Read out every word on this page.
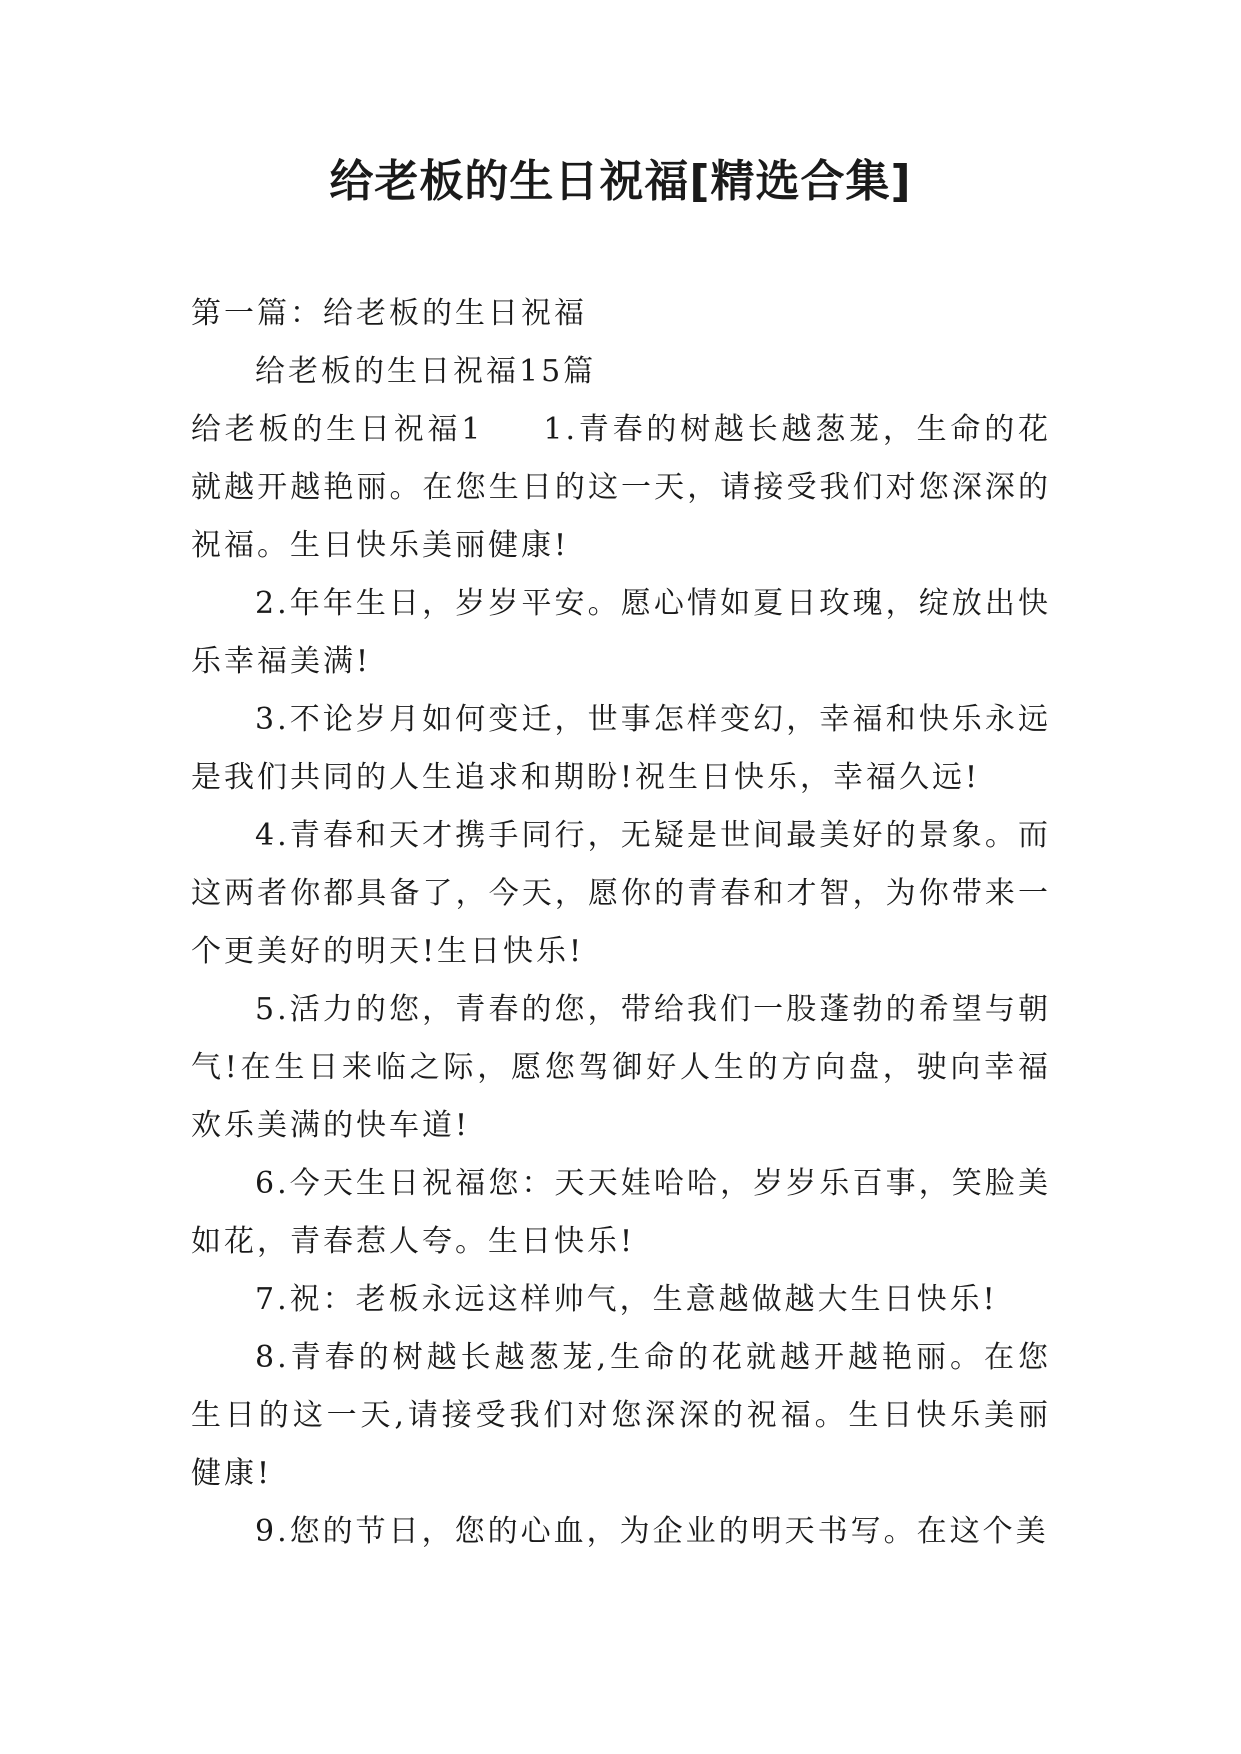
给老板的生日祝福[精选合集]

第一篇：给老板的生日祝福

给老板的生日祝福15篇

给老板的生日祝福1 1.青春的树越长越葱茏，生命的花就越开越艳丽。在您生日的这一天，请接受我们对您深深的祝福。生日快乐美丽健康!

2.年年生日，岁岁平安。愿心情如夏日玫瑰，绽放出快乐幸福美满!

3.不论岁月如何变迁，世事怎样变幻，幸福和快乐永远是我们共同的人生追求和期盼!祝生日快乐，幸福久远!

4.青春和天才携手同行，无疑是世间最美好的景象。而这两者你都具备了，今天，愿你的青春和才智，为你带来一个更美好的明天!生日快乐!

5.活力的您，青春的您，带给我们一股蓬勃的希望与朝气!在生日来临之际，愿您驾御好人生的方向盘，驶向幸福欢乐美满的快车道!

6.今天生日祝福您：天天娃哈哈，岁岁乐百事，笑脸美如花，青春惹人夸。生日快乐!

7.祝：老板永远这样帅气，生意越做越大生日快乐!

8.青春的树越长越葱茏,生命的花就越开越艳丽。在您生日的这一天,请接受我们对您深深的祝福。生日快乐美丽健康!

9.您的节日，您的心血，为企业的明天书写。在这个美
